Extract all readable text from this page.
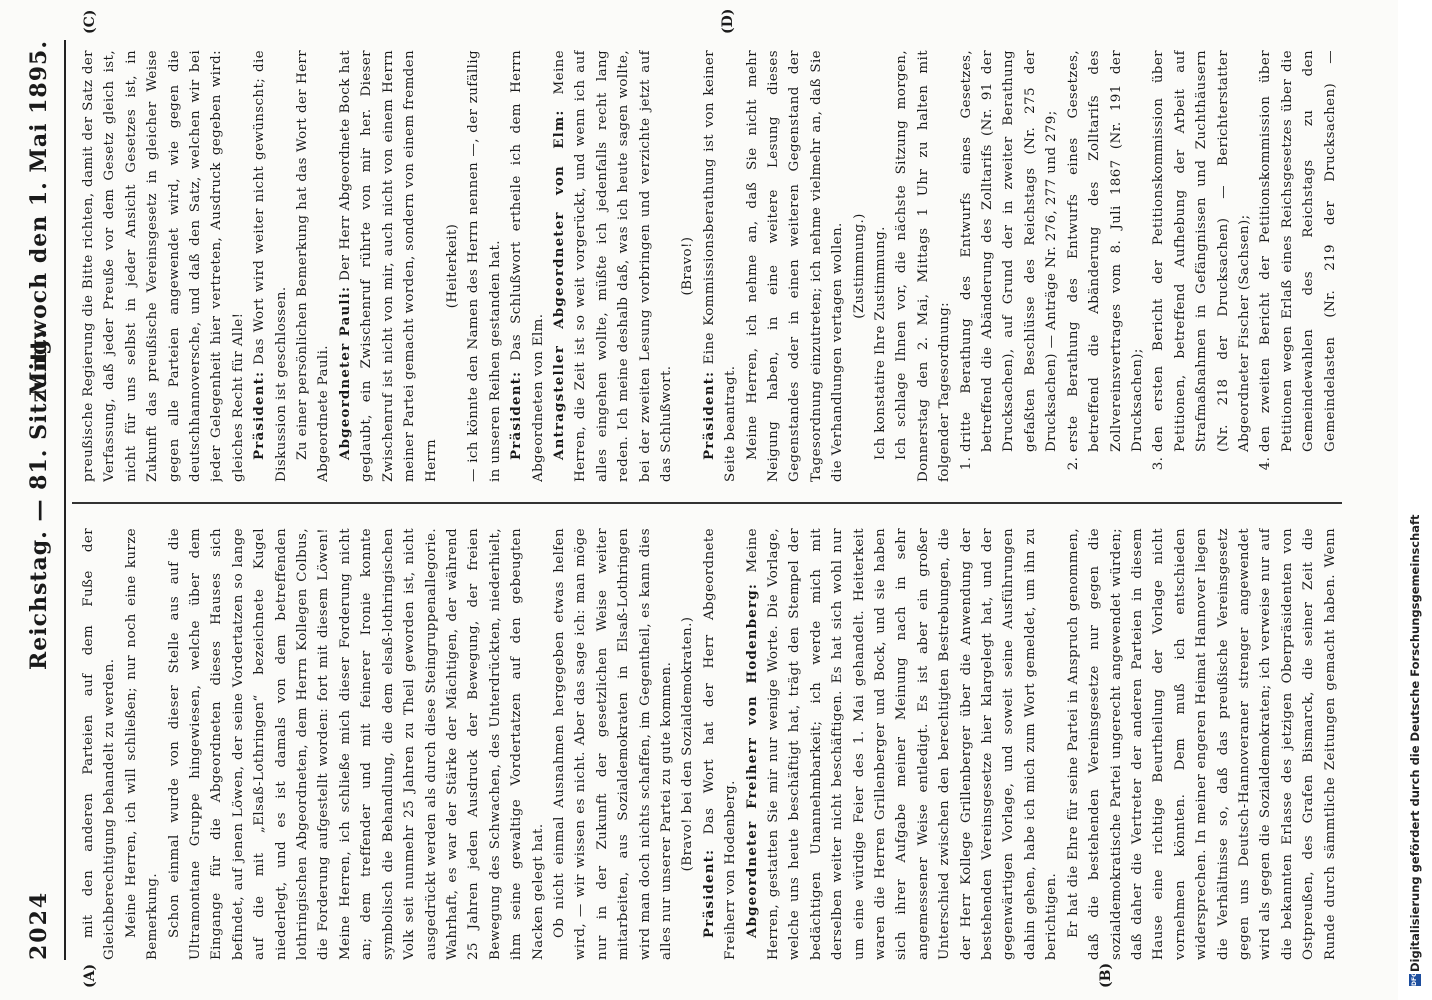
2024
Reichstag. — 81. Sitzung.
Mittwoch den 1. Mai 1895.
(A)	(B)
(C)	(D)

mit den anderen Parteien auf dem Fuße der Gleichberechtigung behandelt zu werden. Meine Herren, ich will schließen; nur noch eine kurze Bemerkung. Schon einmal wurde von dieser Stelle aus auf die Ultramontane Gruppe hingewiesen, welche über dem Eingange für die Abgeordneten dieses Hauses sich befindet, auf jenen Löwen, der seine Vordertatzen so lange auf die mit „Elsaß-Lothringen“ bezeichnete Kugel niederlegt, und es ist damals von dem betreffenden lothringischen Abgeordneten, dem Herrn Kollegen Colbus, die Forderung aufgestellt worden: fort mit diesem Löwen! Meine Herren, ich schließe mich dieser Forderung nicht an; dem treffender und mit feinerer Ironie konnte symbolisch die Behandlung, die dem elsaß-lothringischen Volk seit nunmehr 25 Jahren zu Theil geworden ist, nicht ausgedrückt werden als durch diese Steingruppenallegorie. Wahrhaft, es war der Stärke der Mächtigen, der während 25 Jahren jeden Ausdruck der Bewegung, der freien Bewegung des Schwachen, des Unterdrückten, niederhielt, ihm seine gewaltige Vordertatzen auf den gebeugten Nacken gelegt hat. Ob nicht einmal Ausnahmen hergegeben etwas helfen wird, — wir wissen es nicht. Aber das sage ich: man möge nur in der Zukunft der gesetzlichen Weise weiter mitarbeiten, aus Sozialdemokraten in Elsaß-Lothringen wird man doch nichts schaffen, im Gegentheil, es kann dies alles nur unserer Partei zu gute kommen. (Bravo! bei den Sozialdemokraten.)

Präsident: Das Wort hat der Herr Abgeordnete Freiherr von Hodenberg. Abgeordneter Freiherr von Hodenberg: Meine Herren, gestatten Sie mir nur wenige Worte. Die Vorlage, welche uns heute beschäftigt hat, trägt den Stempel der bedächtigen Unannehmbarkeit; ich werde mich mit derselben weiter nicht beschäftigen. Es hat sich wohl nur um eine würdige Feier des 1. Mai gehandelt. Heiterkeit waren die Herren Grillenberger und Bock, und sie haben sich ihrer Aufgabe meiner Meinung nach in sehr angemessener Weise entledigt. Es ist aber ein großer Unterschied zwischen den berechtigten Bestrebungen, die der Herr Kollege Grillenberger über die Anwendung der bestehenden Vereinsgesetze hier klargelegt hat, und der gegenwärtigen Vorlage, und soweit seine Ausführungen dahin gehen, habe ich mich zum Wort gemeldet, um ihn zu berichtigen. Er hat die Ehre für seine Partei in Anspruch genommen, daß die bestehenden Vereinsgesetze nur gegen die sozialdemokratische Partei ungerecht angewendet würden; daß daher die Vertreter der anderen Parteien in diesem Hause eine richtige Beurtheilung der Vorlage nicht vornehmen könnten. Dem muß ich entschieden widersprechen. In meiner engeren Heimat Hannover liegen die Verhältnisse so, daß das preußische Vereinsgesetz gegen uns Deutsch-Hannoveraner strenger angewendet wird als gegen die Sozialdemokraten; ich verweise nur auf die bekannten Erlasse des jetzigen Oberpräsidenten von Ostpreußen, des Grafen Bismarck, die seiner Zeit die Runde durch sämmtliche Zeitungen gemacht haben. Wenn

preußische Regierung die Bitte richten, damit der Satz der Verfassung, daß jeder Preuße vor dem Gesetz gleich ist, nicht für uns selbst in jeder Ansicht Gesetzes ist, in Zukunft das preußische Vereinsgesetz in gleicher Weise gegen alle Parteien angewendet wird, wie gegen die deutschhannoversche, und daß den Satz, welchen wir bei jeder Gelegenheit hier vertreten, Ausdruck gegeben wird: gleiches Recht für Alle! Präsident: Das Wort wird weiter nicht gewünscht; die Diskussion ist geschlossen. Zu einer persönlichen Bemerkung hat das Wort der Herr Abgeordnete Pauli. Abgeordneter Pauli: Der Herr Abgeordnete Bock hat geglaubt, ein Zwischenruf rührte von mir her. Dieser Zwischenruf ist nicht von mir, auch nicht von einem Herrn meiner Partei gemacht worden, sondern von einem fremden Herrn

(Heiterkeit) — ich könnte den Namen des Herrn nennen —, der zufällig in unseren Reihen gestanden hat. Präsident: Das Schlußwort ertheile ich dem Herrn Abgeordneten von Elm. Antragsteller Abgeordneter von Elm: Meine Herren, die Zeit ist so weit vorgerückt, und wenn ich auf alles eingehen wollte, müßte ich jedenfalls recht lang reden. Ich meine deshalb daß, was ich heute sagen wollte, bei der zweiten Lesung vorbringen und verzichte jetzt auf das Schlußwort.

(Bravo!)

Präsident: Eine Kommissionsberathung ist von keiner Seite beantragt. Meine Herren, ich nehme an, daß Sie nicht mehr Neigung haben, in eine weitere Lesung dieses Gegenstandes oder in einen weiteren Gegenstand der Tagesordnung einzutreten; ich nehme vielmehr an, daß Sie die Verhandlungen vertagen wollen. (Zustimmung.) Ich konstatire Ihre Zustimmung. Ich schlage Ihnen vor, die nächste Sitzung morgen, Donnerstag den 2. Mai, Mittags 1 Uhr zu halten mit folgender Tagesordnung: 1. dritte Berathung des Entwurfs eines Gesetzes, betreffend die Abänderung des Zolltarifs (Nr. 91 der Drucksachen), auf Grund der in zweiter Berathung gefaßten Beschlüsse des Reichstags (Nr. 275 der Drucksachen) — Anträge Nr. 276, 277 und 279; 2. erste Berathung des Entwurfs eines Gesetzes, betreffend die Abänderung des Zolltarifs des Zollvereinsvertrages vom 8. Juli 1867 (Nr. 191 der Drucksachen); 3. den ersten Bericht der Petitionskommission über Petitionen, betreffend Aufhebung der Arbeit auf Strafmaßnahmen in Gefängnissen und Zuchthäusern (Nr. 218 der Drucksachen) — Berichterstatter Abgeordneter Fischer (Sachsen); 4. den zweiten Bericht der Petitionskommission über Petitionen wegen Erlaß eines Reichsgesetzes über die Gemeindewahlen des Reichstags zu den Gemeindelasten (Nr. 219 der Drucksachen) —

DFG
Digitalisierung gefördert durch die Deutsche Forschungsgemeinschaft
